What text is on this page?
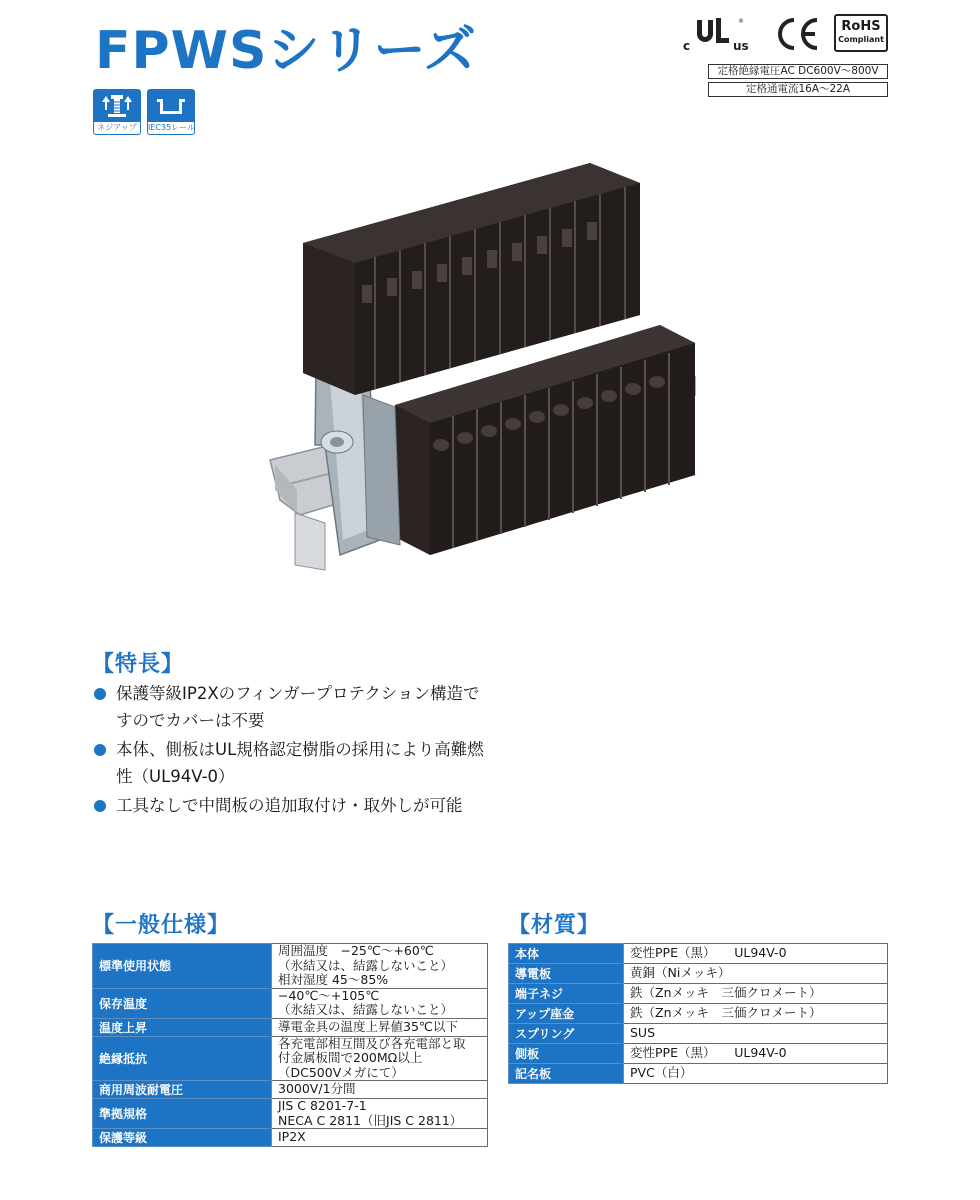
FPWSシリーズ	c	us
®	RoHS
Compliant
定格絶縁電圧AC DC600V～800V
定格通電流16A～22A
ネジアップ	IEC35レール
【特長】
保護等級IP2Xのフィンガープロテクション構造で
すのでカバーは不要
本体、側板はUL規格認定樹脂の採用により高難燃
性（UL94V-0）
工具なしで中間板の追加取付け・取外しが可能
【一般仕様】
標準使用状態	周囲温度　−25℃～+60℃
（氷結又は、結露しないこと）
相対湿度 45～85%

保存温度	−40℃～+105℃
（氷結又は、結露しないこと）

温度上昇	導電金具の温度上昇値35℃以下

絶縁抵抗	各充電部相互間及び各充電部と取
付金属板間で200MΩ以上
（DC500Vメガにて）

商用周波耐電圧	3000V/1分間

準拠規格	JIS C 8201-7-1
NECA C 2811（旧JIS C 2811）

保護等級	IP2X
【材質】
本体	変性PPE（黒）　　UL94V-0
導電板	黄銅（Niメッキ）
端子ネジ	鉄（Znメッキ　三価クロメート）
アップ座金	鉄（Znメッキ　三価クロメート）
スプリング	SUS
側板	変性PPE（黒）　　UL94V-0
記名板	PVC（白）
